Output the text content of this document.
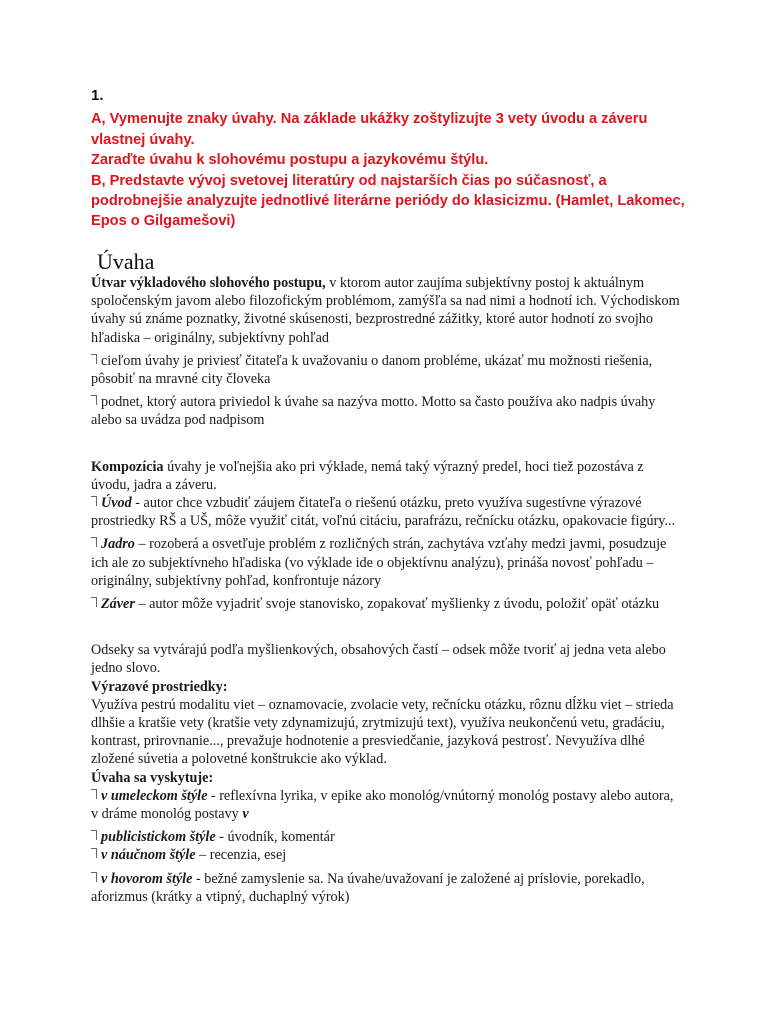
1.
A, Vymenujte znaky úvahy. Na základe ukážky zoštylizujte 3 vety úvodu a záveru vlastnej úvahy.
Zaraďte úvahu k slohovému postupu a jazykovému štýlu.
B, Predstavte vývoj svetovej literatúry od najstarších čias po súčasnosť, a podrobnejšie analyzujte jednotlivé literárne periódy do klasicizmu. (Hamlet, Lakomec, Epos o Gilgamešovi)
Úvaha

Útvar výkladového slohového postupu, v ktorom autor zaujíma subjektívny postoj k aktuálnym spoločenským javom alebo filozofickým problémom, zamýšľa sa nad nimi a hodnotí ich. Východiskom úvahy sú známe poznatky, životné skúsenosti, bezprostredné zážitky, ktoré autor hodnotí zo svojho hľadiska – originálny, subjektívny pohľad

cieľom úvahy je priviesť čitateľa k uvažovaniu o danom probléme, ukázať mu možnosti riešenia, pôsobiť na mravné city človeka

podnet, ktorý autora priviedol k úvahe sa nazýva motto. Motto sa často používa ako nadpis úvahy alebo sa uvádza pod nadpisom

Kompozícia úvahy je voľnejšia ako pri výklade, nemá taký výrazný predel, hoci tiež pozostáva z úvodu, jadra a záveru.

Úvod - autor chce vzbudiť záujem čitateľa o riešenú otázku, preto využíva sugestívne výrazové prostriedky RŠ a UŠ, môže využiť citát, voľnú citáciu, parafrázu, rečnícku otázku, opakovacie figúry...

Jadro – rozoberá a osvetľuje problém z rozličných strán, zachytáva vzťahy medzi javmi, posudzuje ich ale zo subjektívneho hľadiska (vo výklade ide o objektívnu analýzu), prináša novosť pohľadu – originálny, subjektívny pohľad, konfrontuje názory

Záver – autor môže vyjadriť svoje stanovisko, zopakovať myšlienky z úvodu, položiť opäť otázku

Odseky sa vytvárajú podľa myšlienkových, obsahových častí – odsek môže tvoriť aj jedna veta alebo jedno slovo.

Výrazové prostriedky:

Využíva pestrú modalitu viet – oznamovacie, zvolacie vety, rečnícku otázku, rôznu dĺžku viet – strieda dlhšie a kratšie vety (kratšie vety zdynamizujú, zrytmizujú text), využíva neukončenú vetu, gradáciu, kontrast, prirovnanie..., prevažuje hodnotenie a presviedčanie, jazyková pestrosť. Nevyužíva dlhé zložené súvetia a polovetné konštrukcie ako výklad.

Úvaha sa vyskytuje:

v umeleckom štýle - reflexívna lyrika, v epike ako monológ/vnútorný monológ postavy alebo autora, v dráme monológ postavy v

publicistickom štýle - úvodník, komentár

v náučnom štýle – recenzia, esej

v hovorom štýle - bežné zamyslenie sa. Na úvahe/uvažovaní je založené aj príslovie, porekadlo, aforizmus (krátky a vtipný, duchaplný výrok)
